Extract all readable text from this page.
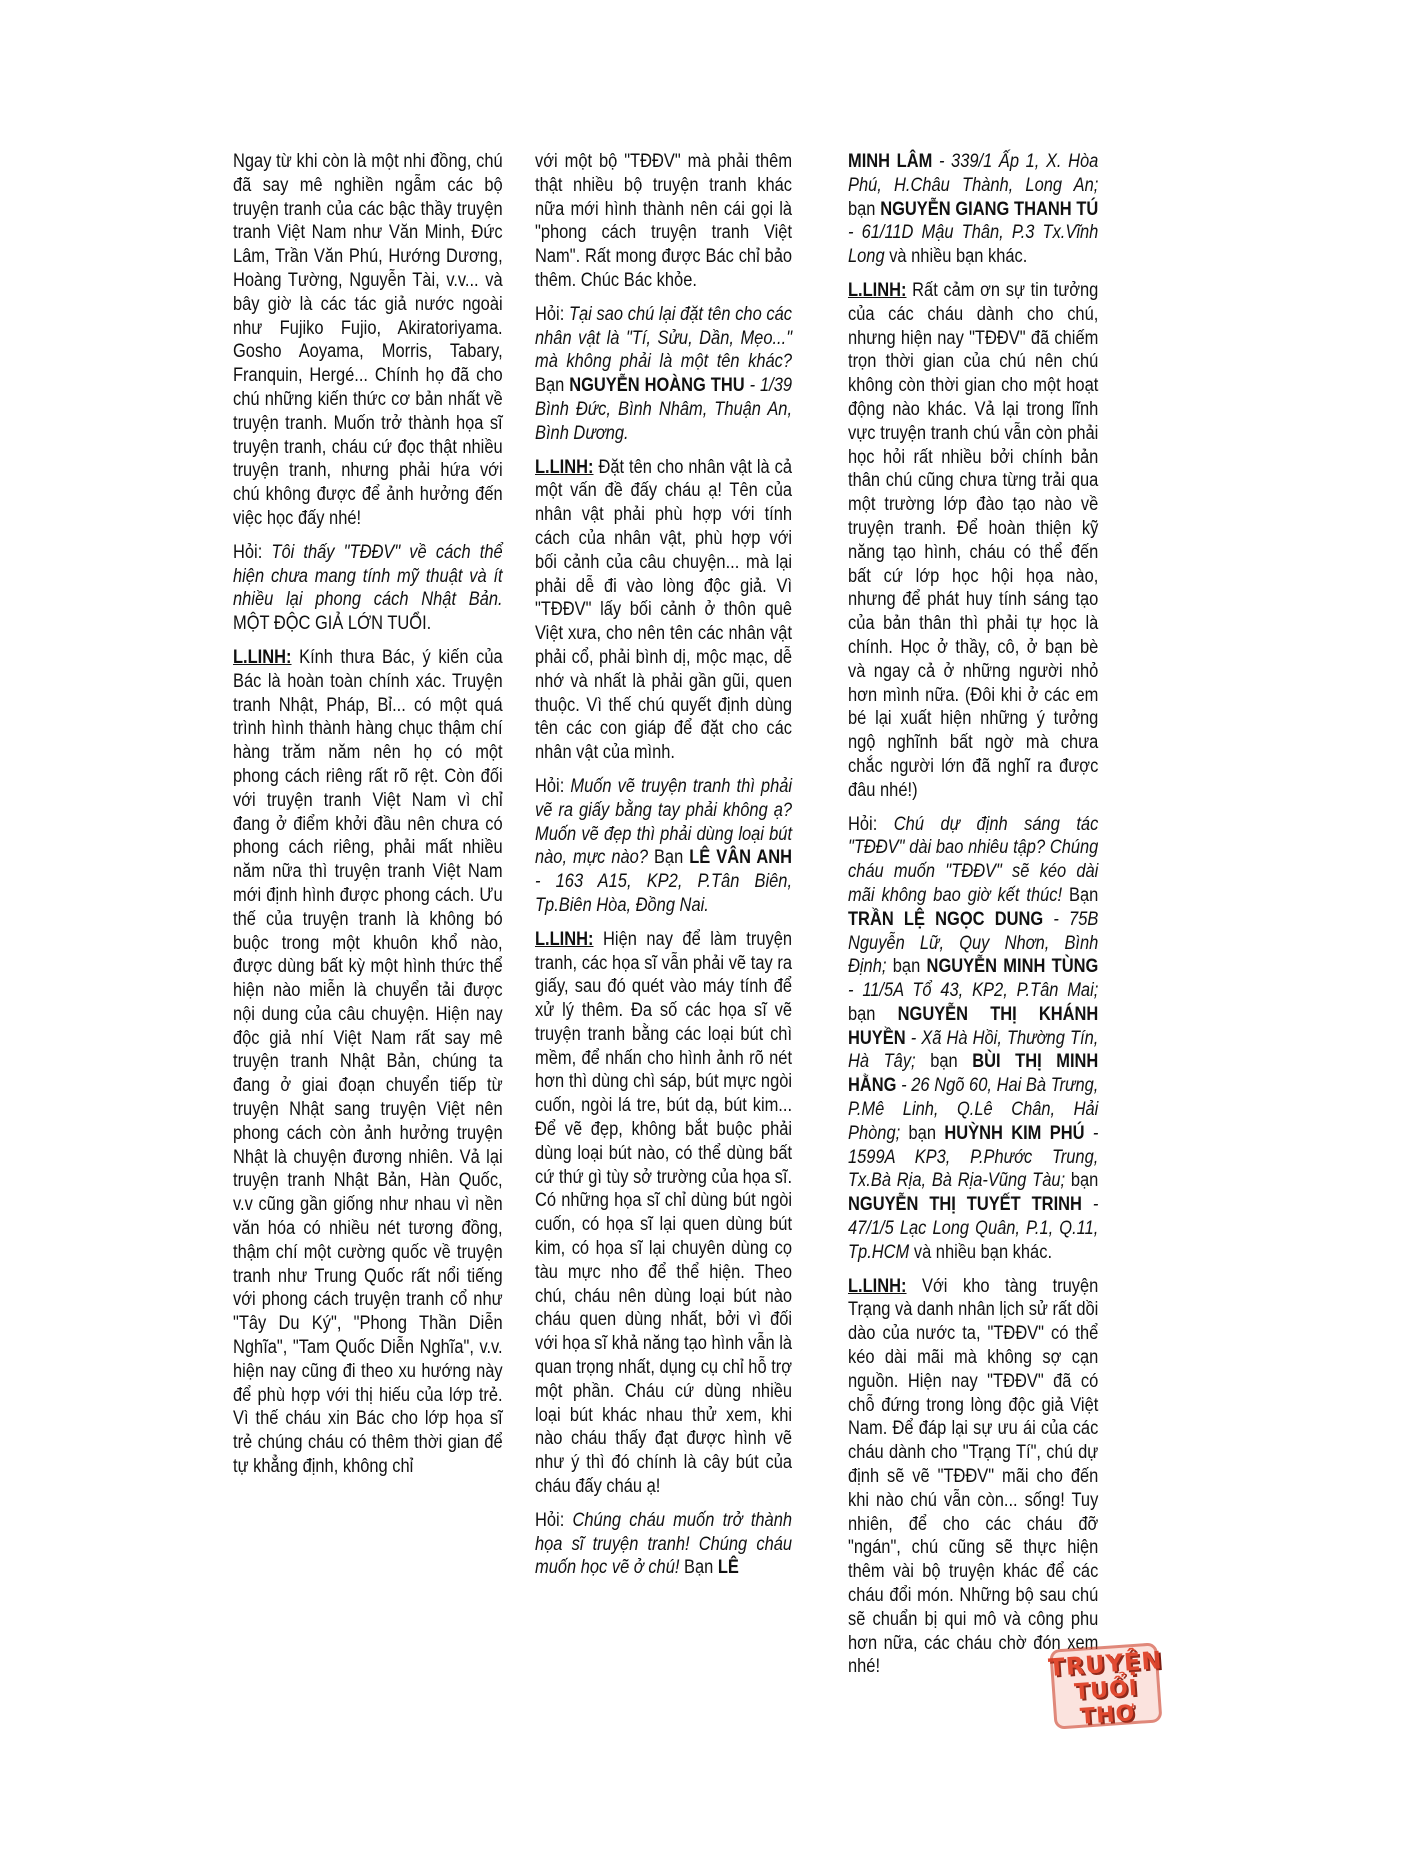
Ngay từ khi còn là một nhi đồng, chú đã say mê nghiền ngẫm các bộ truyện tranh của các bậc thầy truyện tranh Việt Nam như Văn Minh, Đức Lâm, Trần Văn Phú, Hướng Dương, Hoàng Tường, Nguyễn Tài, v.v... và bây giờ là các tác giả nước ngoài như Fujiko Fujio, Akiratoriyama. Gosho Aoyama, Morris, Tabary, Franquin, Hergé... Chính họ đã cho chú những kiến thức cơ bản nhất về truyện tranh. Muốn trở thành họa sĩ truyện tranh, cháu cứ đọc thật nhiều truyện tranh, nhưng phải hứa với chú không được để ảnh hưởng đến việc học đấy nhé!

Hỏi: Tôi thấy "TĐĐV" về cách thể hiện chưa mang tính mỹ thuật và ít nhiều lại phong cách Nhật Bản. MỘT ĐỘC GIẢ LỚN TUỔI.

L.LINH: Kính thưa Bác, ý kiến của Bác là hoàn toàn chính xác. Truyện tranh Nhật, Pháp, Bỉ... có một quá trình hình thành hàng chục thậm chí hàng trăm năm nên họ có một phong cách riêng rất rõ rệt. Còn đối với truyện tranh Việt Nam vì chỉ đang ở điểm khởi đầu nên chưa có phong cách riêng, phải mất nhiều năm nữa thì truyện tranh Việt Nam mới định hình được phong cách. Ưu thế của truyện tranh là không bó buộc trong một khuôn khổ nào, được dùng bất kỳ một hình thức thể hiện nào miễn là chuyển tải được nội dung của câu chuyện. Hiện nay độc giả nhí Việt Nam rất say mê truyện tranh Nhật Bản, chúng ta đang ở giai đoạn chuyển tiếp từ truyện Nhật sang truyện Việt nên phong cách còn ảnh hưởng truyện Nhật là chuyện đương nhiên. Vả lại truyện tranh Nhật Bản, Hàn Quốc, v.v cũng gần giống như nhau vì nền văn hóa có nhiều nét tương đồng, thậm chí một cường quốc về truyện tranh như Trung Quốc rất nổi tiếng với phong cách truyện tranh cổ như "Tây Du Ký", "Phong Thần Diễn Nghĩa", "Tam Quốc Diễn Nghĩa", v.v. hiện nay cũng đi theo xu hướng này để phù hợp với thị hiếu của lớp trẻ. Vì thế cháu xin Bác cho lớp họa sĩ trẻ chúng cháu có thêm thời gian để tự khẳng định, không chỉ

với một bộ "TĐĐV" mà phải thêm thật nhiều bộ truyện tranh khác nữa mới hình thành nên cái gọi là "phong cách truyện tranh Việt Nam". Rất mong được Bác chỉ bảo thêm. Chúc Bác khỏe.

Hỏi: Tại sao chú lại đặt tên cho các nhân vật là "Tí, Sửu, Dần, Mẹo..." mà không phải là một tên khác? Bạn NGUYỄN HOÀNG THU - 1/39 Bình Đức, Bình Nhâm, Thuận An, Bình Dương.

L.LINH: Đặt tên cho nhân vật là cả một vấn đề đấy cháu ạ! Tên của nhân vật phải phù hợp với tính cách của nhân vật, phù hợp với bối cảnh của câu chuyện... mà lại phải dễ đi vào lòng độc giả. Vì "TĐĐV" lấy bối cảnh ở thôn quê Việt xưa, cho nên tên các nhân vật phải cổ, phải bình dị, mộc mạc, dễ nhớ và nhất là phải gần gũi, quen thuộc. Vì thế chú quyết định dùng tên các con giáp để đặt cho các nhân vật của mình.

Hỏi: Muốn vẽ truyện tranh thì phải vẽ ra giấy bằng tay phải không ạ? Muốn vẽ đẹp thì phải dùng loại bút nào, mực nào? Bạn LÊ VÂN ANH - 163 A15, KP2, P.Tân Biên, Tp.Biên Hòa, Đồng Nai.

L.LINH: Hiện nay để làm truyện tranh, các họa sĩ vẫn phải vẽ tay ra giấy, sau đó quét vào máy tính để xử lý thêm. Đa số các họa sĩ vẽ truyện tranh bằng các loại bút chì mềm, để nhấn cho hình ảnh rõ nét hơn thì dùng chì sáp, bút mực ngòi cuốn, ngòi lá tre, bút dạ, bút kim... Để vẽ đẹp, không bắt buộc phải dùng loại bút nào, có thể dùng bất cứ thứ gì tùy sở trường của họa sĩ. Có những họa sĩ chỉ dùng bút ngòi cuốn, có họa sĩ lại quen dùng bút kim, có họa sĩ lại chuyên dùng cọ tàu mực nho để thể hiện. Theo chú, cháu nên dùng loại bút nào cháu quen dùng nhất, bởi vì đối với họa sĩ khả năng tạo hình vẫn là quan trọng nhất, dụng cụ chỉ hỗ trợ một phần. Cháu cứ dùng nhiều loại bút khác nhau thử xem, khi nào cháu thấy đạt được hình vẽ như ý thì đó chính là cây bút của cháu đấy cháu ạ!

Hỏi: Chúng cháu muốn trở thành họa sĩ truyện tranh! Chúng cháu muốn học vẽ ở chú! Bạn LÊ

MINH LÂM - 339/1 Ấp 1, X. Hòa Phú, H.Châu Thành, Long An; bạn NGUYỄN GIANG THANH TÚ - 61/11D Mậu Thân, P.3 Tx.Vĩnh Long và nhiều bạn khác.

L.LINH: Rất cảm ơn sự tin tưởng của các cháu dành cho chú, nhưng hiện nay "TĐĐV" đã chiếm trọn thời gian của chú nên chú không còn thời gian cho một hoạt động nào khác. Vả lại trong lĩnh vực truyện tranh chú vẫn còn phải học hỏi rất nhiều bởi chính bản thân chú cũng chưa từng trải qua một trường lớp đào tạo nào về truyện tranh. Để hoàn thiện kỹ năng tạo hình, cháu có thể đến bất cứ lớp học hội họa nào, nhưng để phát huy tính sáng tạo của bản thân thì phải tự học là chính. Học ở thầy, cô, ở bạn bè và ngay cả ở những người nhỏ hơn mình nữa. (Đôi khi ở các em bé lại xuất hiện những ý tưởng ngộ nghĩnh bất ngờ mà chưa chắc người lớn đã nghĩ ra được đâu nhé!)

Hỏi: Chú dự định sáng tác "TĐĐV" dài bao nhiêu tập? Chúng cháu muốn "TĐĐV" sẽ kéo dài mãi không bao giờ kết thúc! Bạn TRẦN LỆ NGỌC DUNG - 75B Nguyễn Lữ, Quy Nhơn, Bình Định; bạn NGUYỄN MINH TÙNG - 11/5A Tổ 43, KP2, P.Tân Mai; bạn NGUYỄN THỊ KHÁNH HUYỀN - Xã Hà Hồi, Thường Tín, Hà Tây; bạn BÙI THỊ MINH HẰNG - 26 Ngõ 60, Hai Bà Trưng, P.Mê Linh, Q.Lê Chân, Hải Phòng; bạn HUỲNH KIM PHÚ - 1599A KP3, P.Phước Trung, Tx.Bà Rịa, Bà Rịa-Vũng Tàu; bạn NGUYỄN THỊ TUYẾT TRINH - 47/1/5 Lạc Long Quân, P.1, Q.11, Tp.HCM và nhiều bạn khác.

L.LINH: Với kho tàng truyện Trạng và danh nhân lịch sử rất dồi dào của nước ta, "TĐĐV" có thể kéo dài mãi mà không sợ cạn nguồn. Hiện nay "TĐĐV" đã có chỗ đứng trong lòng độc giả Việt Nam. Để đáp lại sự ưu ái của các cháu dành cho "Trạng Tí", chú dự định sẽ vẽ "TĐĐV" mãi cho đến khi nào chú vẫn còn... sống! Tuy nhiên, để cho các cháu đỡ "ngán", chú cũng sẽ thực hiện thêm vài bộ truyện khác để các cháu đổi món. Những bộ sau chú sẽ chuẩn bị qui mô và công phu hơn nữa, các cháu chờ đón xem nhé!	TRUYỆN
TUỔI THƠ
